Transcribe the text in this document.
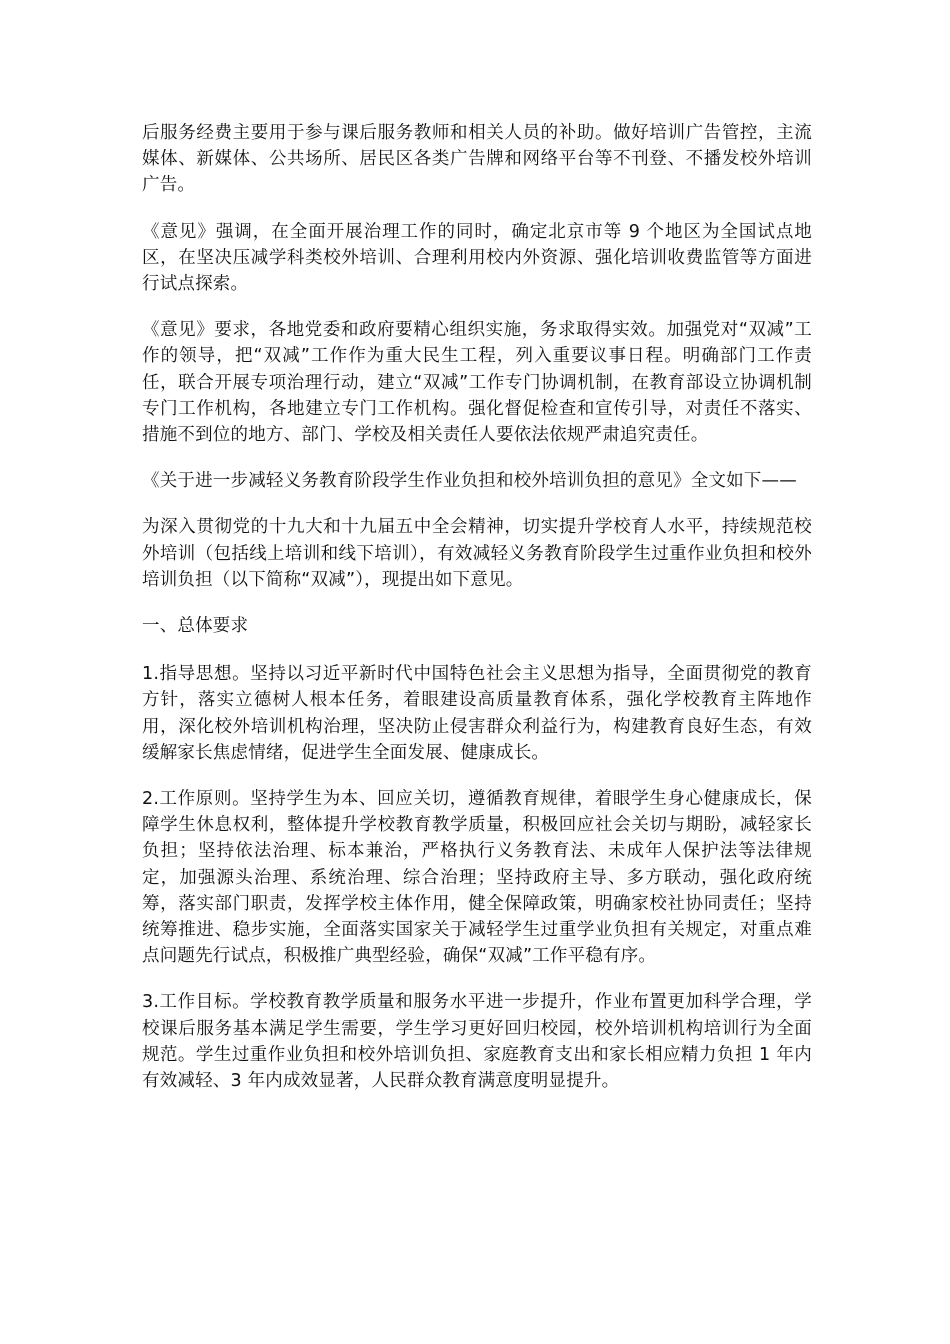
后服务经费主要用于参与课后服务教师和相关人员的补助。做好培训广告管控，主流媒体、新媒体、公共场所、居民区各类广告牌和网络平台等不刊登、不播发校外培训广告。

《意见》强调，在全面开展治理工作的同时，确定北京市等 9 个地区为全国试点地区，在坚决压减学科类校外培训、合理利用校内外资源、强化培训收费监管等方面进行试点探索。

《意见》要求，各地党委和政府要精心组织实施，务求取得实效。加强党对“双减”工作的领导，把“双减”工作作为重大民生工程，列入重要议事日程。明确部门工作责任，联合开展专项治理行动，建立“双减”工作专门协调机制，在教育部设立协调机制专门工作机构，各地建立专门工作机构。强化督促检查和宣传引导，对责任不落实、措施不到位的地方、部门、学校及相关责任人要依法依规严肃追究责任。

《关于进一步减轻义务教育阶段学生作业负担和校外培训负担的意见》全文如下——

为深入贯彻党的十九大和十九届五中全会精神，切实提升学校育人水平，持续规范校外培训（包括线上培训和线下培训），有效减轻义务教育阶段学生过重作业负担和校外培训负担（以下简称“双减”），现提出如下意见。

一、总体要求

1.指导思想。坚持以习近平新时代中国特色社会主义思想为指导，全面贯彻党的教育方针，落实立德树人根本任务，着眼建设高质量教育体系，强化学校教育主阵地作用，深化校外培训机构治理，坚决防止侵害群众利益行为，构建教育良好生态，有效缓解家长焦虑情绪，促进学生全面发展、健康成长。

2.工作原则。坚持学生为本、回应关切，遵循教育规律，着眼学生身心健康成长，保障学生休息权利，整体提升学校教育教学质量，积极回应社会关切与期盼，减轻家长负担；坚持依法治理、标本兼治，严格执行义务教育法、未成年人保护法等法律规定，加强源头治理、系统治理、综合治理；坚持政府主导、多方联动，强化政府统筹，落实部门职责，发挥学校主体作用，健全保障政策，明确家校社协同责任；坚持统筹推进、稳步实施，全面落实国家关于减轻学生过重学业负担有关规定，对重点难点问题先行试点，积极推广典型经验，确保“双减”工作平稳有序。

3.工作目标。学校教育教学质量和服务水平进一步提升，作业布置更加科学合理，学校课后服务基本满足学生需要，学生学习更好回归校园，校外培训机构培训行为全面规范。学生过重作业负担和校外培训负担、家庭教育支出和家长相应精力负担 1 年内有效减轻、3 年内成效显著，人民群众教育满意度明显提升。
